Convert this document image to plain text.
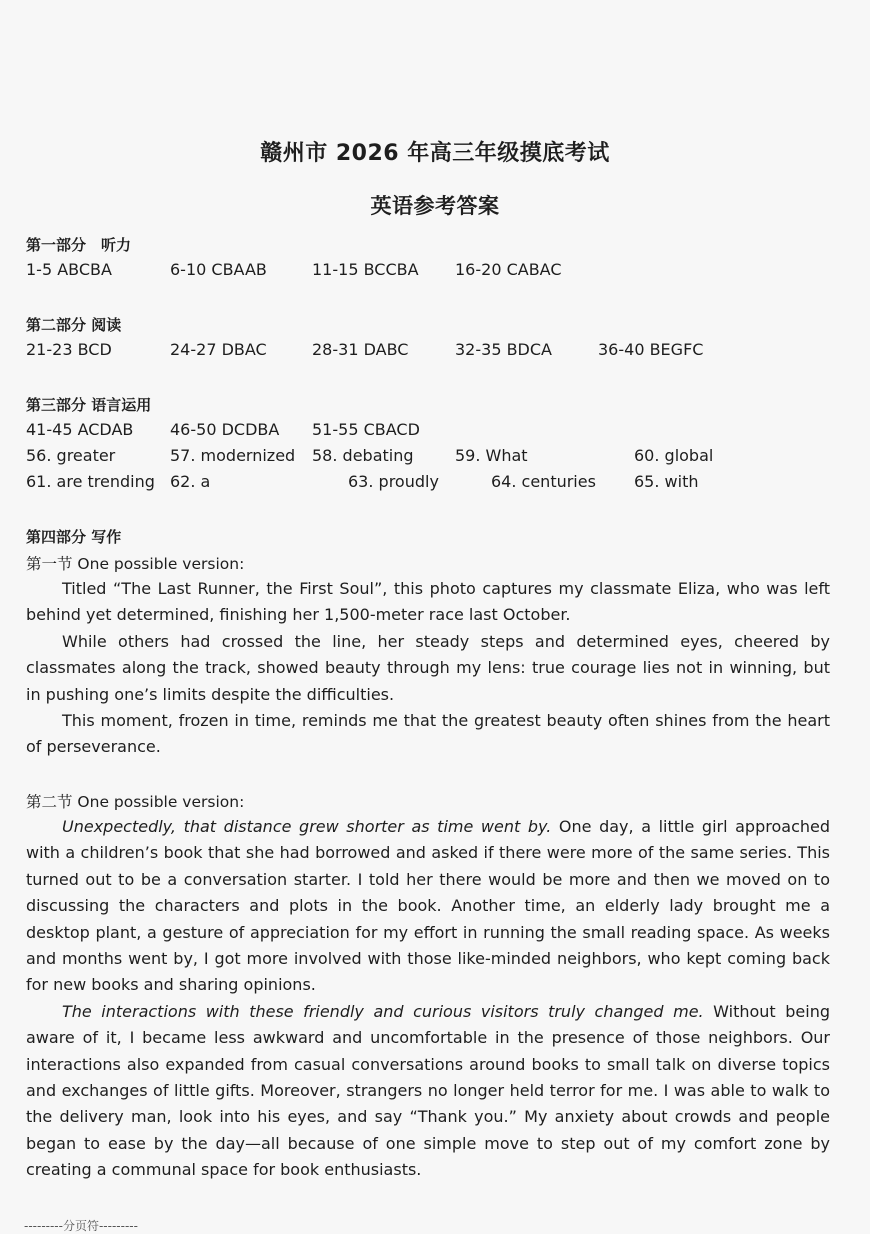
赣州市 2026 年高三年级摸底考试
英语参考答案
第一部分　听力
1-5 ABCBA	6-10 CBAAB	11-15 BCCBA 16-20 CABAC
第二部分 阅读
21-23 BCD	24-27 DBAC	28-31 DABC	32-35 BDCA	36-40 BEGFC
第三部分 语言运用
41-45 ACDAB 46-50 DCDBA 51-55 CBACD
56. greater	57. modernized 58. debating	59. What	60. global
61. are trending 62. a	63. proudly	64. centuries 65. with
第四部分 写作
第一节 One possible version:

Titled “The Last Runner, the First Soul”, this photo captures my classmate Eliza, who was left behind yet determined, finishing her 1,500-meter race last October.

While others had crossed the line, her steady steps and determined eyes, cheered by classmates along the track, showed beauty through my lens: true courage lies not in winning, but in pushing one’s limits despite the difficulties.

This moment, frozen in time, reminds me that the greatest beauty often shines from the heart of perseverance.

第二节 One possible version:

Unexpectedly, that distance grew shorter as time went by. One day, a little girl approached with a children’s book that she had borrowed and asked if there were more of the same series. This turned out to be a conversation starter. I told her there would be more and then we moved on to discussing the characters and plots in the book. Another time, an elderly lady brought me a desktop plant, a gesture of appreciation for my effort in running the small reading space. As weeks and months went by, I got more involved with those like-minded neighbors, who kept coming back for new books and sharing opinions.

The interactions with these friendly and curious visitors truly changed me. Without being aware of it, I became less awkward and uncomfortable in the presence of those neighbors. Our interactions also expanded from casual conversations around books to small talk on diverse topics and exchanges of little gifts. Moreover, strangers no longer held terror for me. I was able to walk to the delivery man, look into his eyes, and say “Thank you.” My anxiety about crowds and people began to ease by the day—all because of one simple move to step out of my comfort zone by creating a communal space for book enthusiasts.

---------分页符---------
